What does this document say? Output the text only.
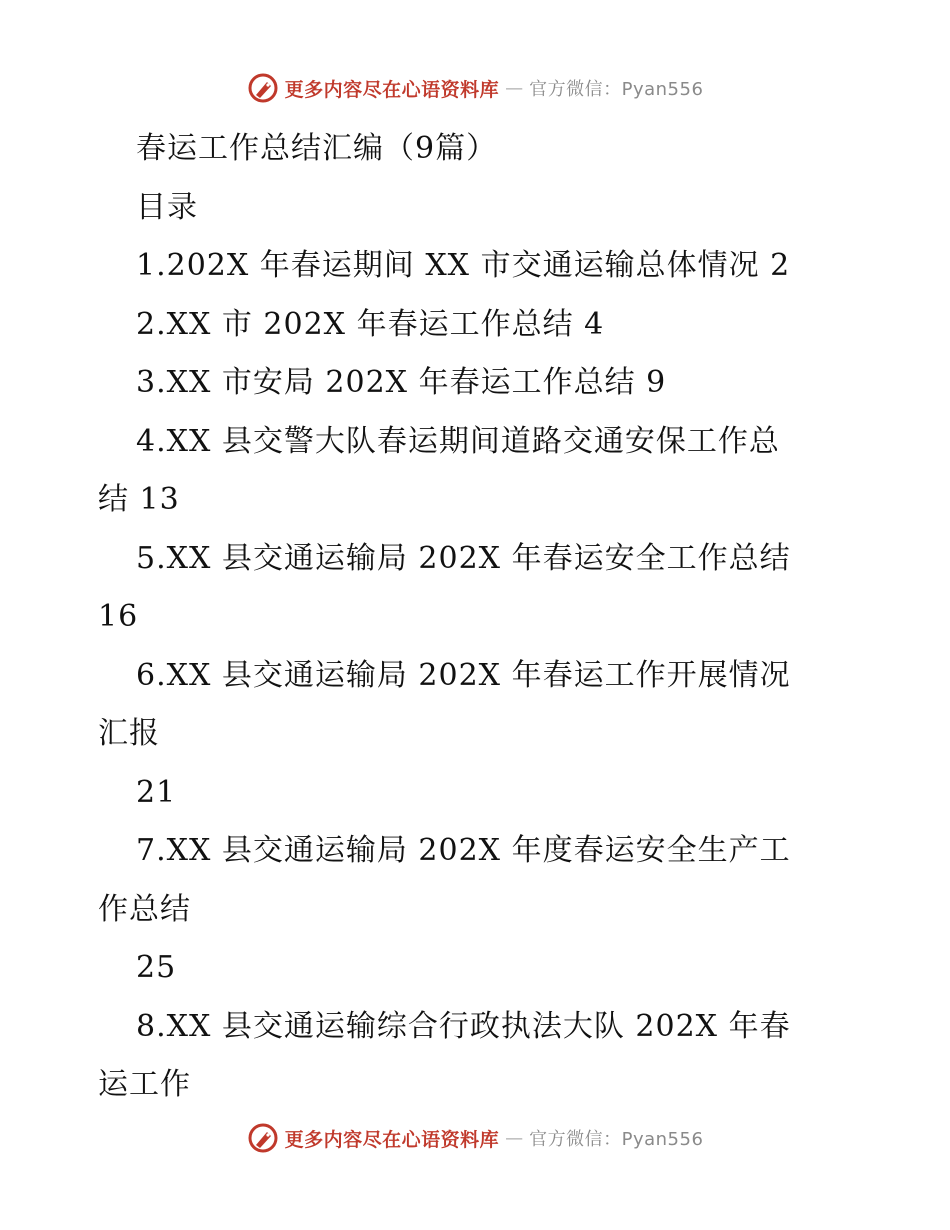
更多内容尽在心语资料库 — 官方微信：Pyan556
春运工作总结汇编（9篇）
目录
1.202X 年春运期间 XX 市交通运输总体情况 2
2.XX 市 202X 年春运工作总结 4
3.XX 市安局 202X 年春运工作总结 9
4.XX 县交警大队春运期间道路交通安保工作总
结 13
5.XX 县交通运输局 202X 年春运安全工作总结
16
6.XX 县交通运输局 202X 年春运工作开展情况
汇报
21
7.XX 县交通运输局 202X 年度春运安全生产工
作总结
25
8.XX 县交通运输综合行政执法大队 202X 年春
运工作
更多内容尽在心语资料库 — 官方微信：Pyan556
